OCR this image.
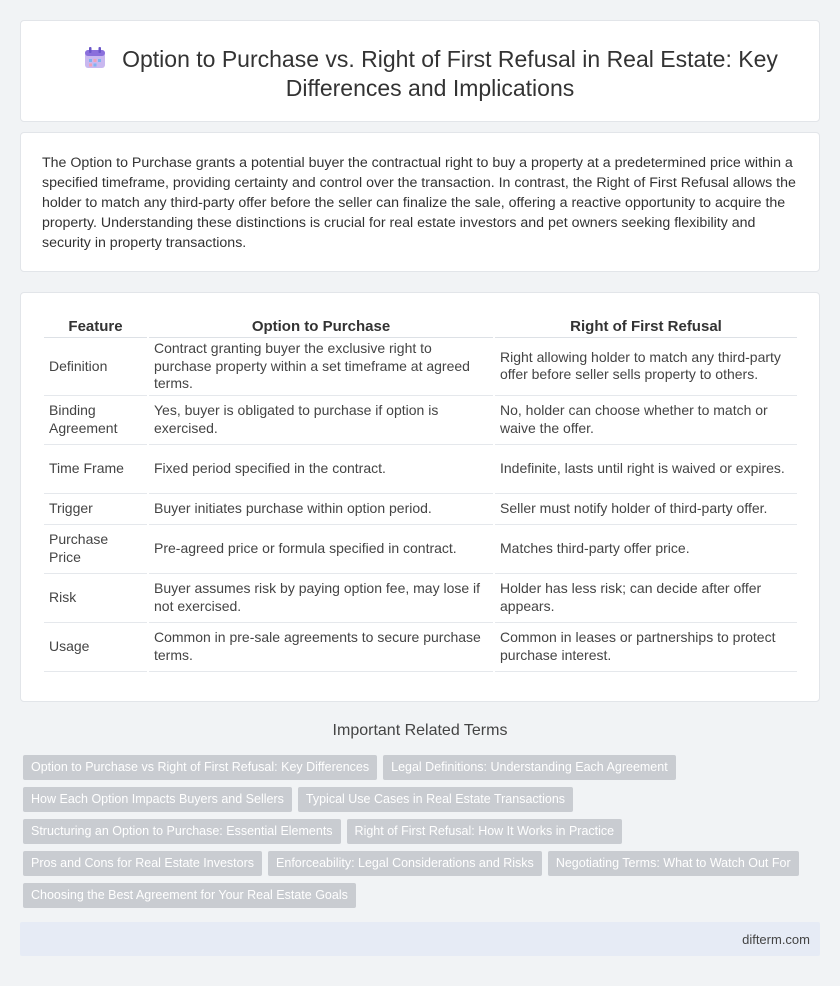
Option to Purchase vs. Right of First Refusal in Real Estate: Key Differences and Implications

The Option to Purchase grants a potential buyer the contractual right to buy a property at a predetermined price within a specified timeframe, providing certainty and control over the transaction. In contrast, the Right of First Refusal allows the holder to match any third-party offer before the seller can finalize the sale, offering a reactive opportunity to acquire the property. Understanding these distinctions is crucial for real estate investors and pet owners seeking flexibility and security in property transactions.

Feature	Option to Purchase	Right of First Refusal
Definition	Contract granting buyer the exclusive right to purchase property within a set timeframe at agreed terms.	Right allowing holder to match any third-party offer before seller sells property to others.
Binding Agreement	Yes, buyer is obligated to purchase if option is exercised.	No, holder can choose whether to match or waive the offer.
Time Frame	Fixed period specified in the contract.	Indefinite, lasts until right is waived or expires.
Trigger	Buyer initiates purchase within option period.	Seller must notify holder of third-party offer.
Purchase Price	Pre-agreed price or formula specified in contract.	Matches third-party offer price.
Risk	Buyer assumes risk by paying option fee, may lose if not exercised.	Holder has less risk; can decide after offer appears.
Usage	Common in pre-sale agreements to secure purchase terms.	Common in leases or partnerships to protect purchase interest.
Important Related Terms
Option to Purchase vs Right of First Refusal: Key Differences Legal Definitions: Understanding Each Agreement
How Each Option Impacts Buyers and Sellers Typical Use Cases in Real Estate Transactions
Structuring an Option to Purchase: Essential Elements Right of First Refusal: How It Works in Practice
Pros and Cons for Real Estate Investors Enforceability: Legal Considerations and Risks Negotiating Terms: What to Watch Out For
Choosing the Best Agreement for Your Real Estate Goals
difterm.com
